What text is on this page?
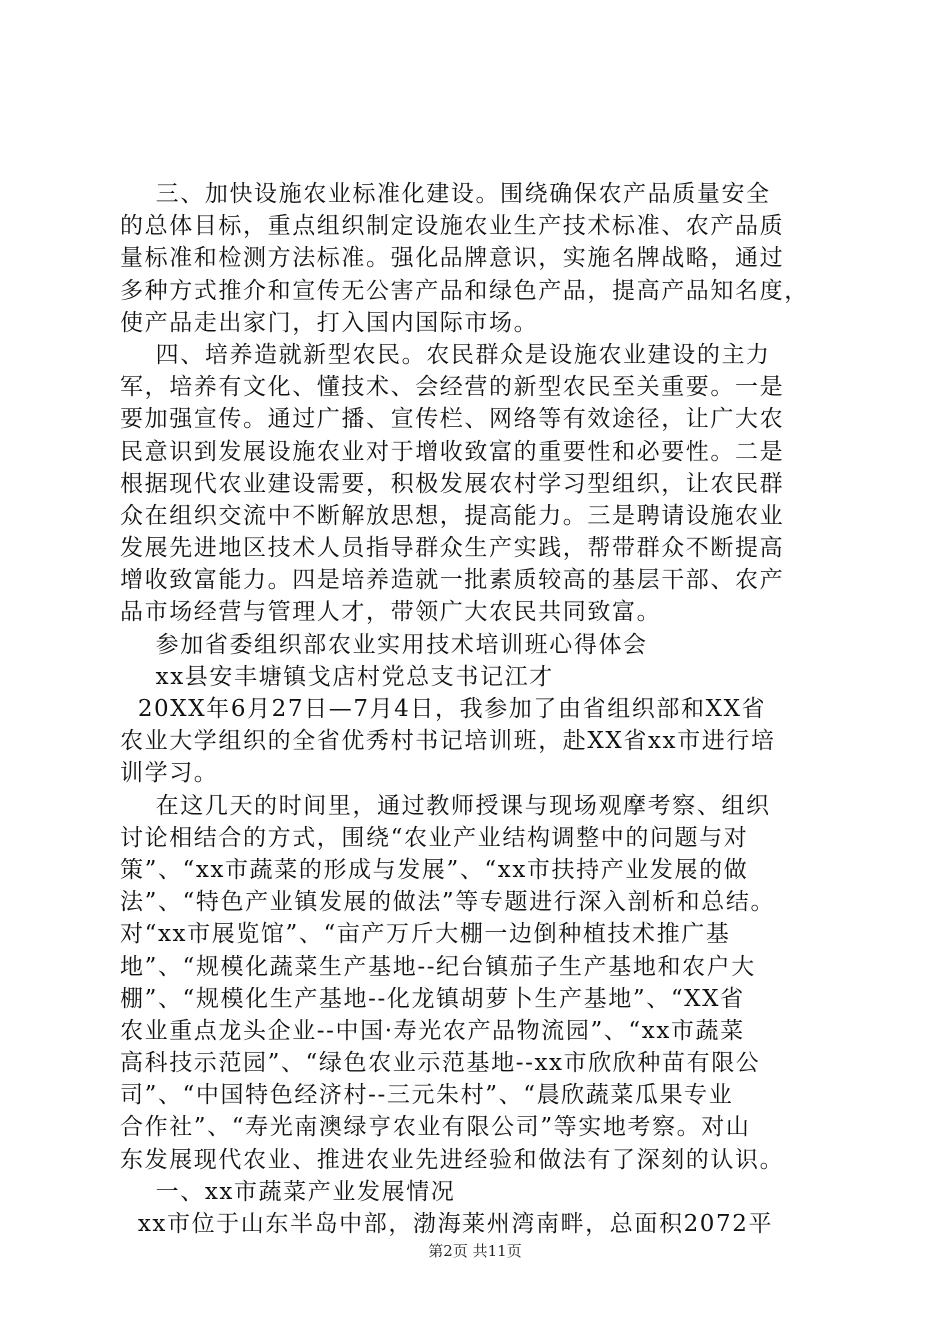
三、加快设施农业标准化建设。围绕确保农产品质量安全
的总体目标，重点组织制定设施农业生产技术标准、农产品质
量标准和检测方法标准。强化品牌意识，实施名牌战略，通过
多种方式推介和宣传无公害产品和绿色产品，提高产品知名度，
使产品走出家门，打入国内国际市场。
四、培养造就新型农民。农民群众是设施农业建设的主力
军，培养有文化、懂技术、会经营的新型农民至关重要。一是
要加强宣传。通过广播、宣传栏、网络等有效途径，让广大农
民意识到发展设施农业对于增收致富的重要性和必要性。二是
根据现代农业建设需要，积极发展农村学习型组织，让农民群
众在组织交流中不断解放思想，提高能力。三是聘请设施农业
发展先进地区技术人员指导群众生产实践，帮带群众不断提高
增收致富能力。四是培养造就一批素质较高的基层干部、农产
品市场经营与管理人才，带领广大农民共同致富。
参加省委组织部农业实用技术培训班心得体会
xx县安丰塘镇戈店村党总支书记江才
20XX年6月27日—7月4日，我参加了由省组织部和XX省
农业大学组织的全省优秀村书记培训班，赴XX省xx市进行培
训学习。
在这几天的时间里，通过教师授课与现场观摩考察、组织
讨论相结合的方式，围绕“农业产业结构调整中的问题与对
策”、“xx市蔬菜的形成与发展”、“xx市扶持产业发展的做
法”、“特色产业镇发展的做法”等专题进行深入剖析和总结。
对“xx市展览馆”、“亩产万斤大棚一边倒种植技术推广基
地”、“规模化蔬菜生产基地--纪台镇茄子生产基地和农户大
棚”、“规模化生产基地--化龙镇胡萝卜生产基地”、“XX省
农业重点龙头企业--中国·寿光农产品物流园”、“xx市蔬菜
高科技示范园”、“绿色农业示范基地--xx市欣欣种苗有限公
司”、“中国特色经济村--三元朱村”、“晨欣蔬菜瓜果专业
合作社”、“寿光南澳绿亨农业有限公司”等实地考察。对山
东发展现代农业、推进农业先进经验和做法有了深刻的认识。
一、xx市蔬菜产业发展情况
xx市位于山东半岛中部，渤海莱州湾南畔，总面积2072平
第2页 共11页
